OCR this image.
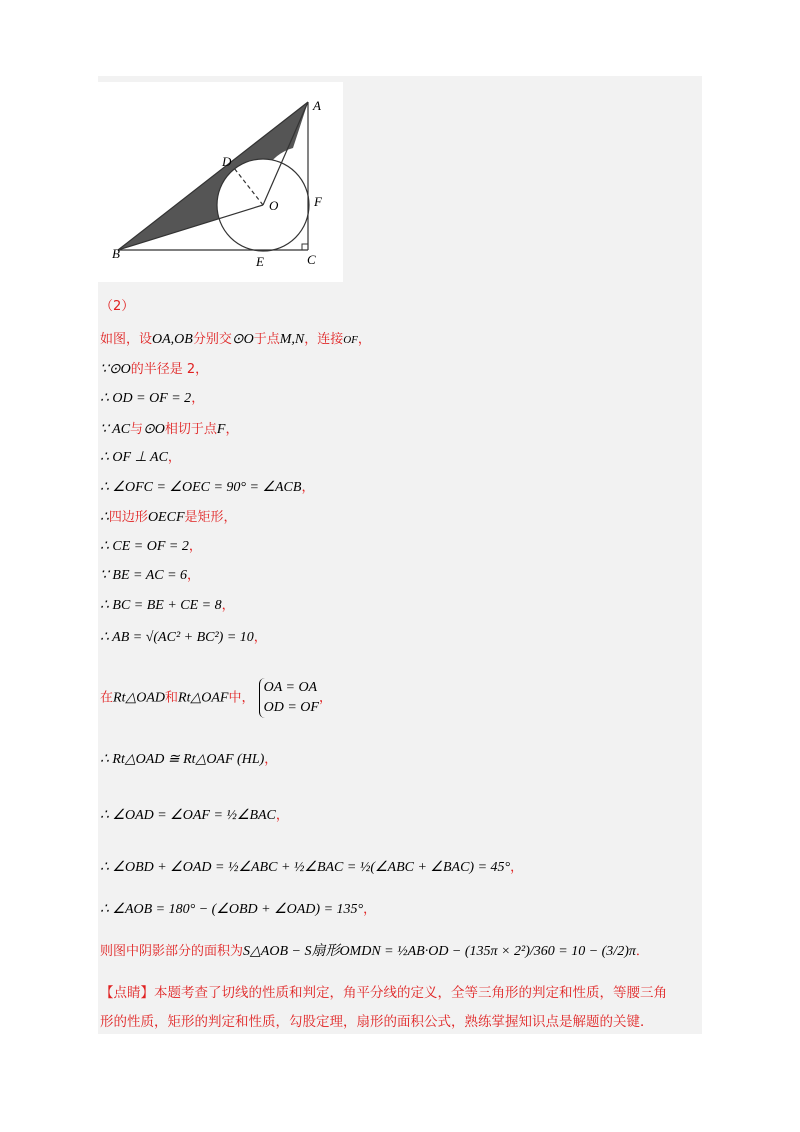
A
B	C
D
E
F
O
（2）
如图，设OA,OB分别交⊙O于点M,N，连接OF，
∵⊙O的半径是 2，
∴ OD = OF = 2，
∵ AC与⊙O相切于点F，
∴ OF ⊥ AC，
∴ ∠OFC = ∠OEC = 90° = ∠ACB，
∴四边形OECF是矩形，
∴ CE = OF = 2，
∵ BE = AC = 6，
∴ BC = BE + CE = 8，
∴ AB = √(AC² + BC²) = 10，
在Rt△OAD和Rt△OAF中，
OA = OA
OD = OF
，
∴ Rt△OAD ≅ Rt△OAF (HL)，
∴ ∠OAD = ∠OAF = ½∠BAC，
∴ ∠OBD + ∠OAD = ½∠ABC + ½∠BAC = ½(∠ABC + ∠BAC) = 45°，
∴ ∠AOB = 180° − (∠OBD + ∠OAD) = 135°，
则图中阴影部分的面积为S△AOB − S扇形OMDN = ½AB·OD − (135π × 2²)/360 = 10 − (3/2)π．
【点睛】本题考查了切线的性质和判定，角平分线的定义，全等三角形的判定和性质，等腰三角
形的性质，矩形的判定和性质，勾股定理，扇形的面积公式，熟练掌握知识点是解题的关键．
